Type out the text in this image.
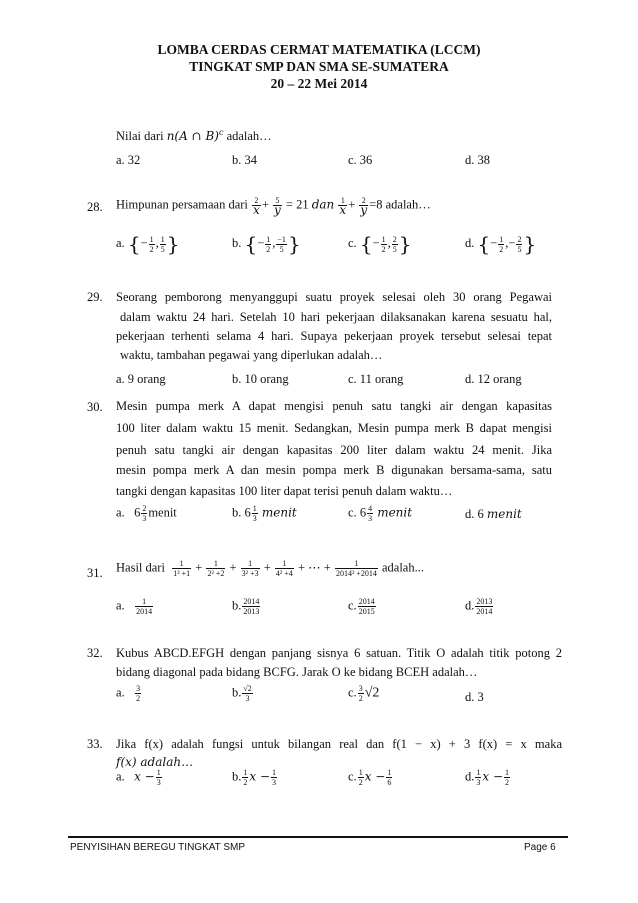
LOMBA CERDAS CERMAT MATEMATIKA (LCCM)
TINGKAT SMP DAN SMA SE-SUMATERA
20 – 22 Mei 2014
Nilai dari n(A ∩ B)$^c$ adalah…
a. 32	b. 34	c. 36	d. 38
28. Himpunan persamaan dari $\frac{2}{x} + \frac{5}{y} = 21$ dan $\frac{1}{x} + \frac{2}{y} =8$ adalah…
a. {− $\frac{1}{2}$ , $\frac{1}{5}$ }	b. {− $\frac{1}{2}$ , $\frac{-1}{5}$ }	c. {− $\frac{1}{2}$ , $\frac{2}{5}$ }	d. {− $\frac{1}{2}$ ,− $\frac{2}{5}$ }
29. Seorang pemborong menyanggupi suatu proyek selesai oleh 30 orang Pegawai
dalam waktu 24 hari. Setelah 10 hari pekerjaan dilaksanakan karena sesuatu hal,
pekerjaan terhenti selama 4 hari. Supaya pekerjaan proyek tersebut selesai tepat
waktu, tambahan pegawai yang diperlukan adalah…
a. 9 orang	b. 10 orang	c. 11 orang	d. 12 orang
30. Mesin pumpa merk A dapat mengisi penuh satu tangki air dengan kapasitas
100 liter dalam waktu 15 menit. Sedangkan, Mesin pumpa merk B dapat mengisi
penuh satu tangki air dengan kapasitas 200 liter dalam waktu 24 menit. Jika
mesin pompa merk A dan mesin pompa merk B digunakan bersama-sama, satu
tangki dengan kapasitas 100 liter dapat terisi penuh dalam waktu…
a. $6 \frac{2}{3}$ menit	b. $6 \frac{1}{3}$ menit	c. $6 \frac{4}{3}$ menit	d. 6 menit
31. Hasil dari $\frac{1}{\text{1² +1}} + \frac{1}{\text{2² +2}} + \frac{1}{\text{3² +3}} + \frac{1}{\text{4² +4}}$ + ⋯ + $\frac{1}{\text{2014² +2014}}$ adalah...
a. $\frac{1}{2014}$	b. $\frac{2014}{2013}$	c. $\frac{2014}{2015}$	d. $\frac{2013}{2014}$
32. Kubus ABCD.EFGH dengan panjang sisnya 6 satuan. Titik O adalah titik potong 2
bidang diagonal pada bidang BCFG. Jarak O ke bidang BCEH adalah…
a. $\frac{3}{2}$	b. $\frac{√2}{3}$	c. $\frac{3}{2} √2$	d. 3
33. Jika f(x) adalah fungsi untuk bilangan real dan f(1 − x) + 3 f(x) = x maka
f(x) adalah…
a. $x - \frac{1}{3}$	b. $\frac{1}{2}$ $x - \frac{1}{3}$	c. $\frac{1}{2}$ $x - \frac{1}{6}$	d. $\frac{1}{3}$ $x - \frac{1}{2}$
PENYISIHAN BEREGU TINGKAT SMP	Page 6
